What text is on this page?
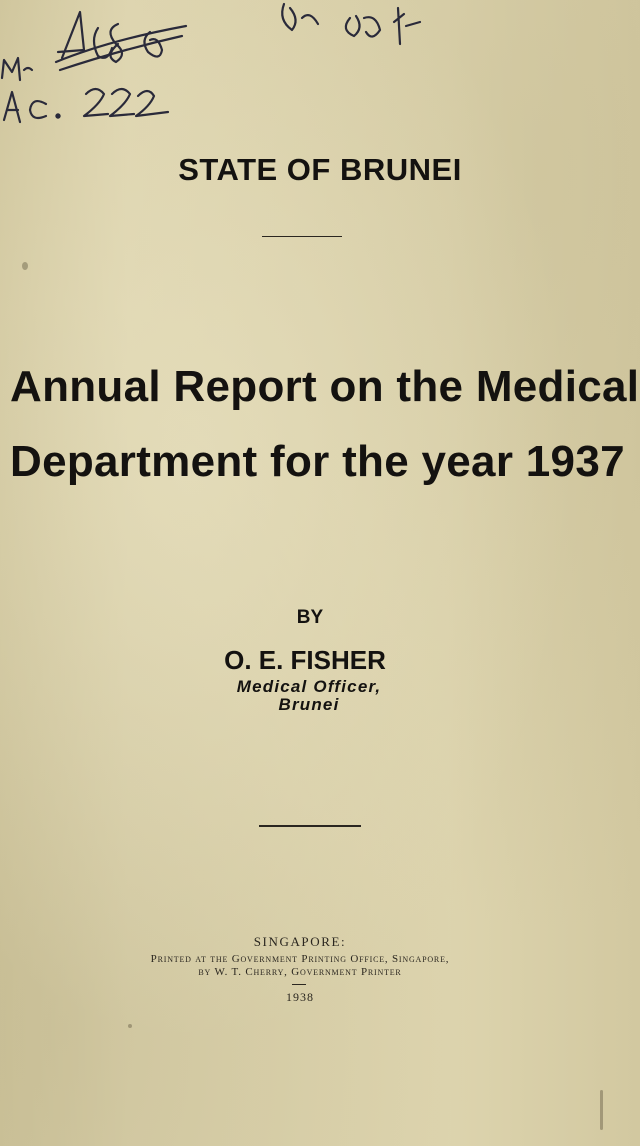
STATE OF BRUNEI
Annual Report on the Medical
Department for the year 1937
BY
O. E. FISHER
Medical Officer,
Brunei
SINGAPORE:
Printed at the Government Printing Office, Singapore,
by W. T. Cherry, Government Printer
1938
